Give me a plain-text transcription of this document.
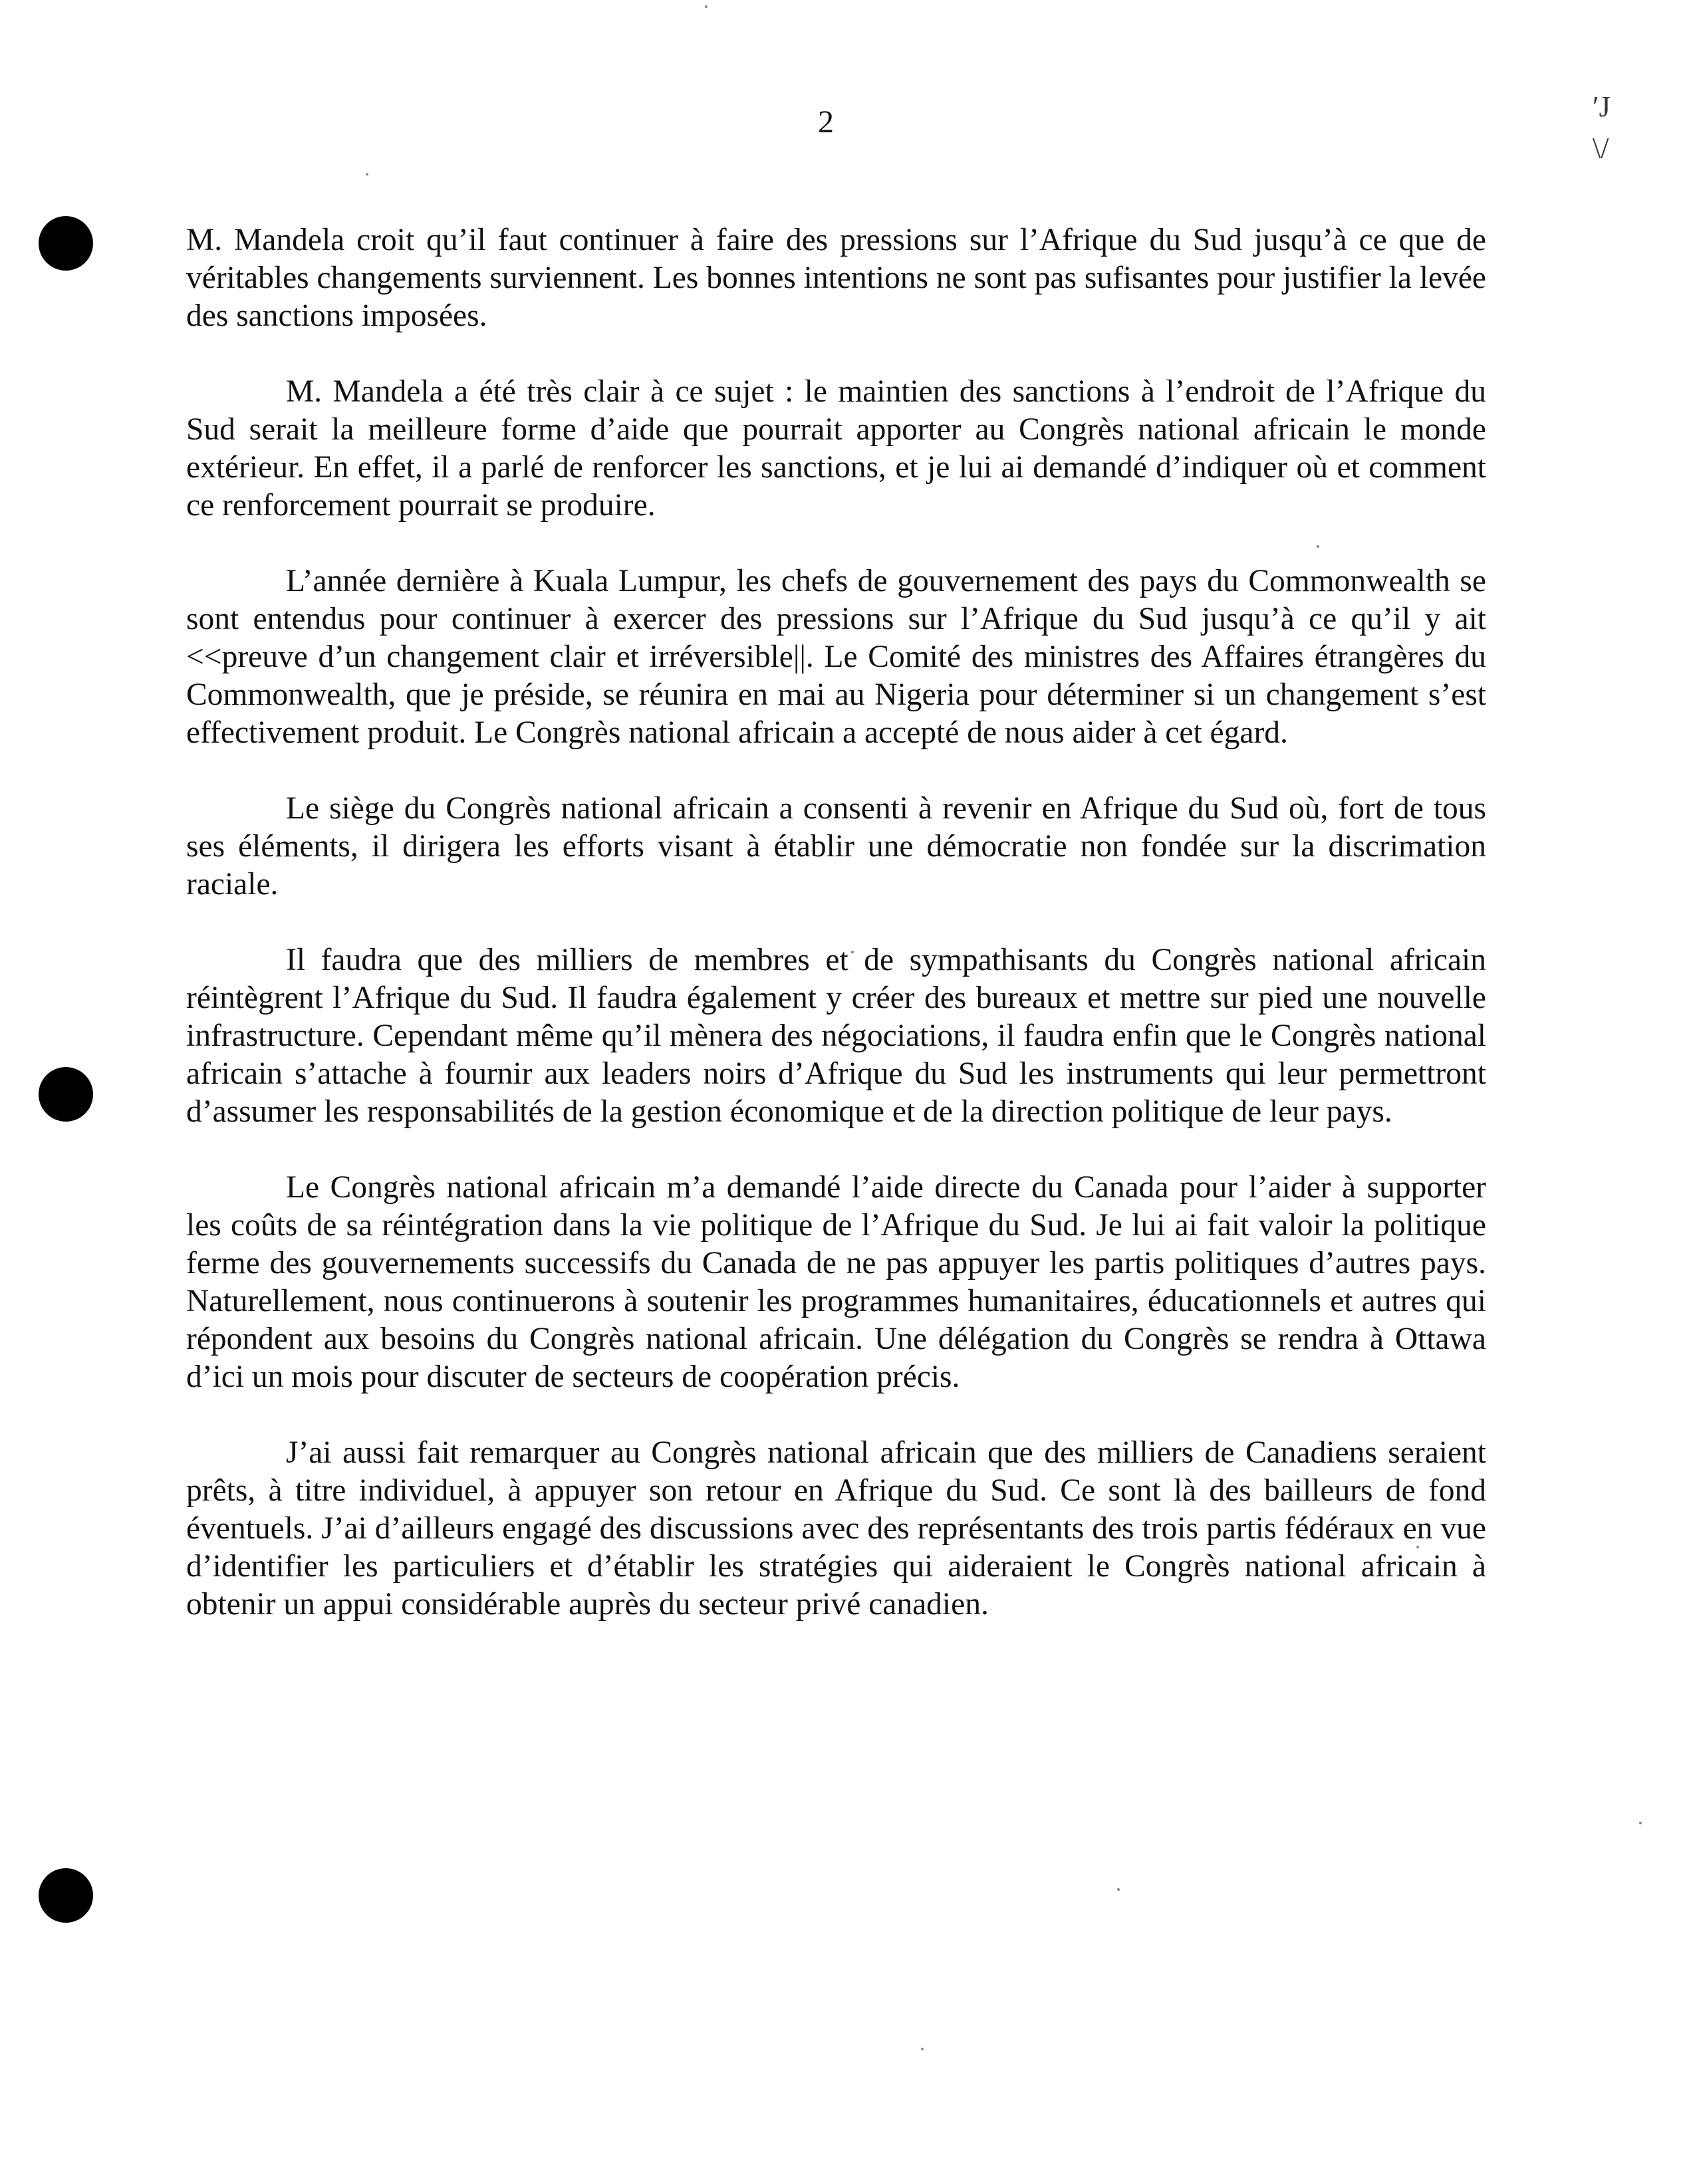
2	′J
\/

M. Mandela croit qu’il faut continuer à faire des pressions sur l’Afrique du Sud jusqu’à ce que de véritables changements surviennent. Les bonnes intentions ne sont pas sufisantes pour justifier la levée des sanctions imposées.

M. Mandela a été très clair à ce sujet : le maintien des sanctions à l’endroit de l’Afrique du Sud serait la meilleure forme d’aide que pourrait apporter au Congrès national africain le monde extérieur. En effet, il a parlé de renforcer les sanctions, et je lui ai demandé d’indiquer où et comment ce renforcement pourrait se produire.

L’année dernière à Kuala Lumpur, les chefs de gouvernement des pays du Commonwealth se sont entendus pour continuer à exercer des pressions sur l’Afrique du Sud jusqu’à ce qu’il y ait <<preuve d’un changement clair et irréversible||. Le Comité des ministres des Affaires étrangères du Commonwealth, que je préside, se réunira en mai au Nigeria pour déterminer si un changement s’est effectivement produit. Le Congrès national africain a accepté de nous aider à cet égard.

Le siège du Congrès national africain a consenti à revenir en Afrique du Sud où, fort de tous ses éléments, il dirigera les efforts visant à établir une démocratie non fondée sur la discrimation raciale.

Il faudra que des milliers de membres et de sympathisants du Congrès national africain réintègrent l’Afrique du Sud. Il faudra également y créer des bureaux et mettre sur pied une nouvelle infrastructure. Cependant même qu’il mènera des négociations, il faudra enfin que le Congrès national africain s’attache à fournir aux leaders noirs d’Afrique du Sud les instruments qui leur permettront d’assumer les responsabilités de la gestion économique et de la direction politique de leur pays.

Le Congrès national africain m’a demandé l’aide directe du Canada pour l’aider à supporter les coûts de sa réintégration dans la vie politique de l’Afrique du Sud. Je lui ai fait valoir la politique ferme des gouvernements successifs du Canada de ne pas appuyer les partis politiques d’autres pays. Naturellement, nous continuerons à soutenir les programmes humanitaires, éducationnels et autres qui répondent aux besoins du Congrès national africain. Une délégation du Congrès se rendra à Ottawa d’ici un mois pour discuter de secteurs de coopération précis.

J’ai aussi fait remarquer au Congrès national africain que des milliers de Canadiens seraient prêts, à titre individuel, à appuyer son retour en Afrique du Sud. Ce sont là des bailleurs de fond éventuels. J’ai d’ailleurs engagé des discussions avec des représentants des trois partis fédéraux en vue d’identifier les particuliers et d’établir les stratégies qui aideraient le Congrès national africain à obtenir un appui considérable auprès du secteur privé canadien.
